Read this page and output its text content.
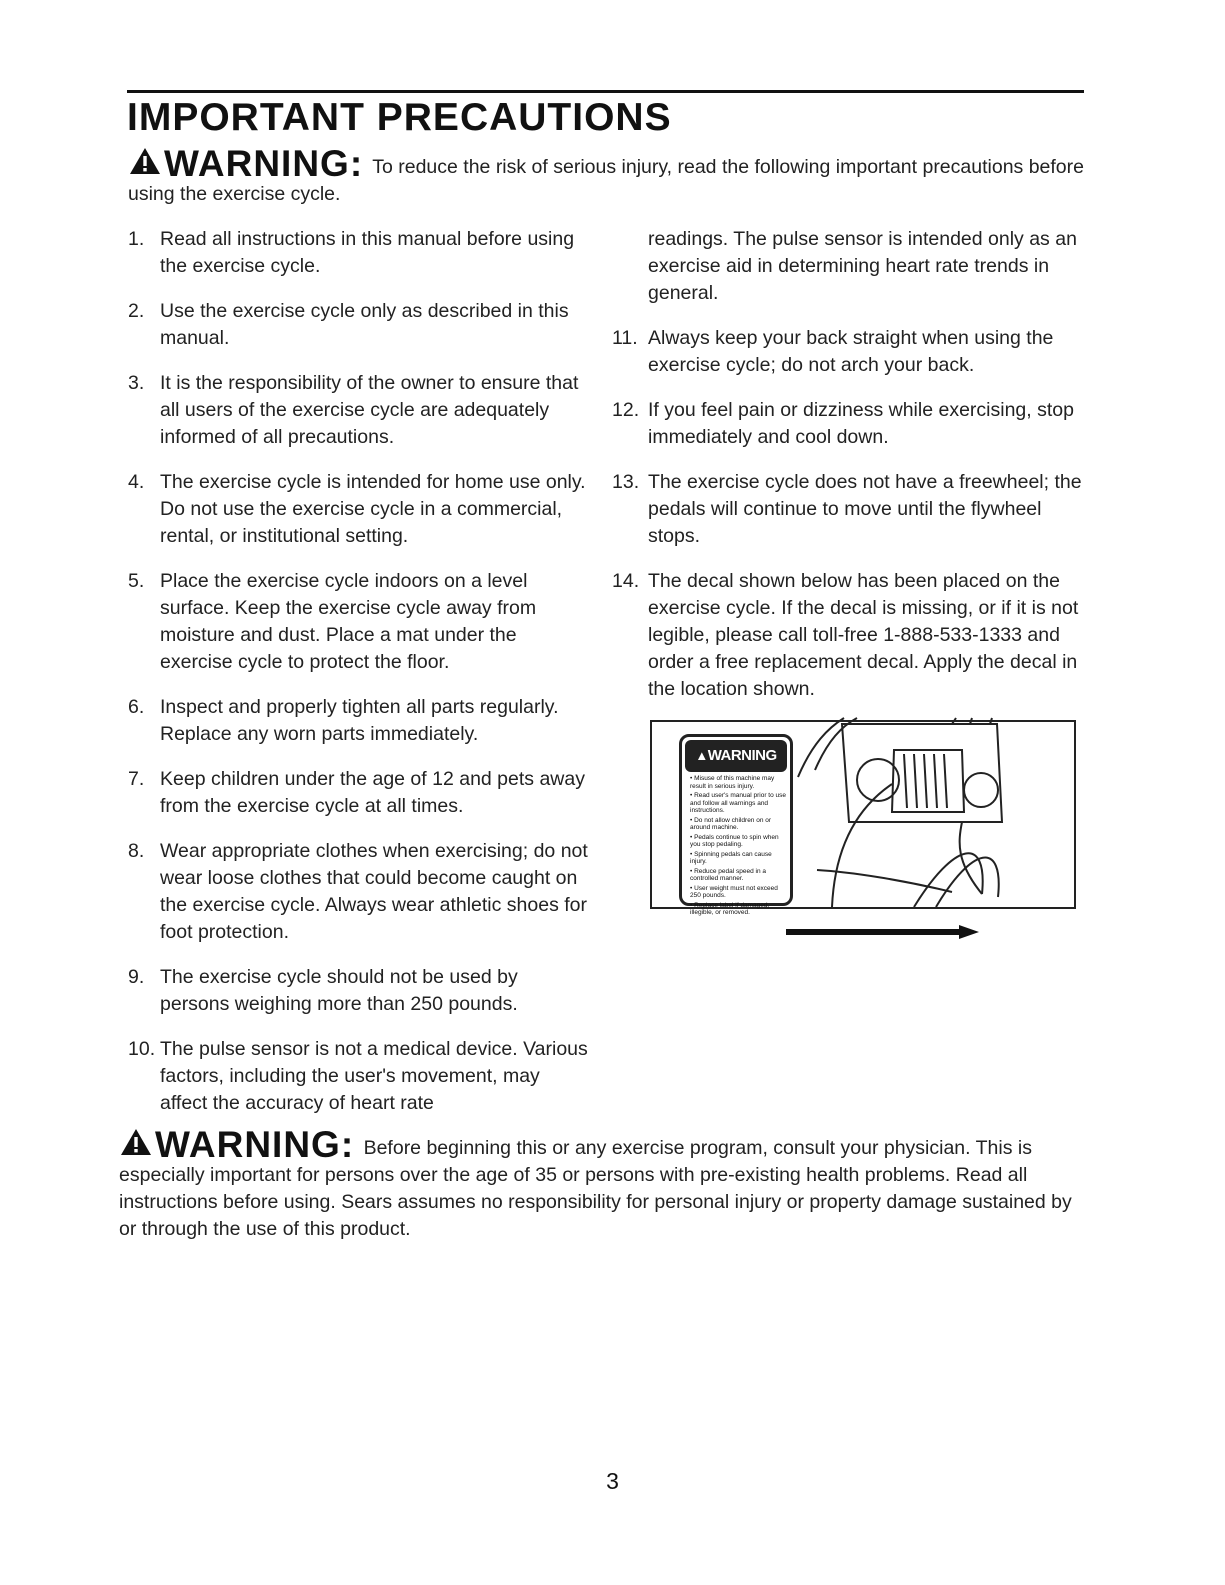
IMPORTANT PRECAUTIONS

WARNING: To reduce the risk of serious injury, read the following important precautions before using the exercise cycle.

1. Read all instructions in this manual before using the exercise cycle.
2. Use the exercise cycle only as described in this manual.
3. It is the responsibility of the owner to ensure that all users of the exercise cycle are adequately informed of all precautions.
4. The exercise cycle is intended for home use only. Do not use the exercise cycle in a commercial, rental, or institutional setting.
5. Place the exercise cycle indoors on a level surface. Keep the exercise cycle away from moisture and dust. Place a mat under the exercise cycle to protect the floor.
6. Inspect and properly tighten all parts regularly. Replace any worn parts immediately.
7. Keep children under the age of 12 and pets away from the exercise cycle at all times.
8. Wear appropriate clothes when exercising; do not wear loose clothes that could become caught on the exercise cycle. Always wear athletic shoes for foot protection.
9. The exercise cycle should not be used by persons weighing more than 250 pounds.
10. The pulse sensor is not a medical device. Various factors, including the user's movement, may affect the accuracy of heart rate
readings. The pulse sensor is intended only as an exercise aid in determining heart rate trends in general.
11. Always keep your back straight when using the exercise cycle; do not arch your back.
12. If you feel pain or dizziness while exercising, stop immediately and cool down.
13. The exercise cycle does not have a freewheel; the pedals will continue to move until the flywheel stops.
14. The decal shown below has been placed on the exercise cycle. If the decal is missing, or if it is not legible, please call toll-free 1-888-533-1333 and order a free replacement decal. Apply the decal in the location shown.
▲WARNING
• Misuse of this machine may result in serious injury.
• Read user's manual prior to use and follow all warnings and instructions.
• Do not allow children on or around machine.
• Pedals continue to spin when you stop pedaling.
• Spinning pedals can cause injury.
• Reduce pedal speed in a controlled manner.
• User weight must not exceed 250 pounds.
• Replace label if damaged, illegible, or removed.

WARNING: Before beginning this or any exercise program, consult your physician. This is especially important for persons over the age of 35 or persons with pre-existing health problems. Read all instructions before using. Sears assumes no responsibility for personal injury or property damage sustained by or through the use of this product.

3
